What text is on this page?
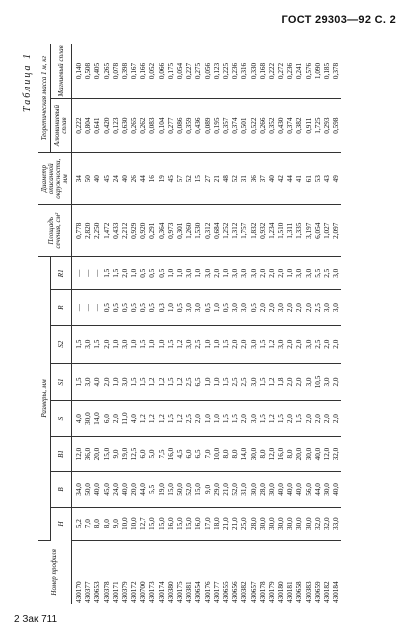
ГОСТ 29303—92 С. 2
2 Зак 711
Таблица 1
Номер профиля	Размеры, мм								Площадь сечения, см²	Диаметр описанной окружности, мм	Теоретическая масса 1 м, кг	
	H	B	B1	S	S1	S2	R	R1			Алюминиевый сплав	Магниевый сплав
430170	5,2	34,0	12,0	4,0	1,5	1,5	—	—	0,778	34	0,222	0,140
430377	7,0	50,0	36,0	30,0	3,0	3,0	—	—	2,820	50	0,804	0,508
430653	8,0	40,0	20,0	14,0	4,0	1,5	—	—	2,250	40	0,641	0,405
430378	8,0	45,0	15,0	6,0	2,0	2,0	0,5	1,5	1,472	45	0,420	0,265
430171	9,0	24,0	9,0	2,0	1,0	1,0	0,5	1,5	0,433	24	0,123	0,078
430379	10,0	40,0	19,0	11,0	3,0	3,0	0,5	2,0	2,212	40	0,630	0,398
430172	10,0	20,0	12,5	4,0	1,5	1,0	0,5	1,0	0,929	26	0,265	0,167
430700	12,7	44,0	6,0	1,2	1,5	1,5	0,5	0,5	0,920	44	0,262	0,166
430173	15,0	5,5	5,0	1,2	1,2	1,0	0,5	0,5	0,291	16	0,083	0,052
430174	15,0	19,0	7,5	1,2	1,2	1,0	0,3	0,5	0,364	19	0,104	0,066
430380	16,0	15,0	16,0	1,5	1,5	1,5	1,0	1,0	0,973	45	0,277	0,175
430175	15,0	50,0	4,5	1,2	1,2	1,2	0,5	1,0	0,301	57	0,086	0,054
430381	15,0	52,0	6,0	2,5	2,5	3,0	3,0	3,0	1,260	52	0,359	0,227
430654	16,0	15,0	6,5	2,0	6,5	2,5	3,0	1,0	1,530	15	0,436	0,275
430176	17,0	9,0	7,0	1,0	1,0	1,0	0,5	3,0	0,312	27	0,089	0,056
430177	18,0	29,0	10,0	1,0	1,0	1,0	1,0	2,0	0,684	21	0,195	0,123
430655	21,0	21,0	8,0	1,5	1,5	1,5	0,5	1,0	1,252	48	0,357	0,225
430656	21,0	52,0	8,0	1,5	2,5	2,0	3,0	3,0	1,312	52	0,374	0,236
430382	25,0	31,0	14,0	2,0	2,5	2,0	3,0	3,0	1,757	31	0,501	0,316
430657	28,0	30,0	30,0	3,0	3,0	3,0	0,5	3,0	1,832	36	0,522	0,330
430178	30,0	28,0	8,0	1,5	1,5	1,5	2,0	2,0	0,932	37	0,266	0,168
430179	30,0	30,0	12,0	1,2	1,2	1,2	2,0	2,0	1,234	40	0,352	0,222
430180	30,0	40,0	16,0	1,5	1,8	3,0	3,0	2,0	1,510	42	0,430	0,272
430181	30,0	40,0	8,0	2,0	2,0	2,0	2,0	1,0	1,311	44	0,374	0,236
430658	30,0	40,0	20,0	1,5	2,0	2,0	2,0	3,0	1,335	41	0,382	0,241
430383	30,0	56,0	30,0	2,0	3,0	3,0	2,0	3,0	3,197	61	0,911	0,576
430659	32,0	44,0	40,0	2,0	10,5	2,5	2,5	5,5	6,054	53	1,725	1,090
430182	32,0	30,0	12,0	2,0	3,0	2,0	3,0	2,5	1,027	43	0,293	0,185
430184	33,0	40,0	32,0	2,0	2,0	2,0	3,0	3,0	2,097	49	0,598	0,378
